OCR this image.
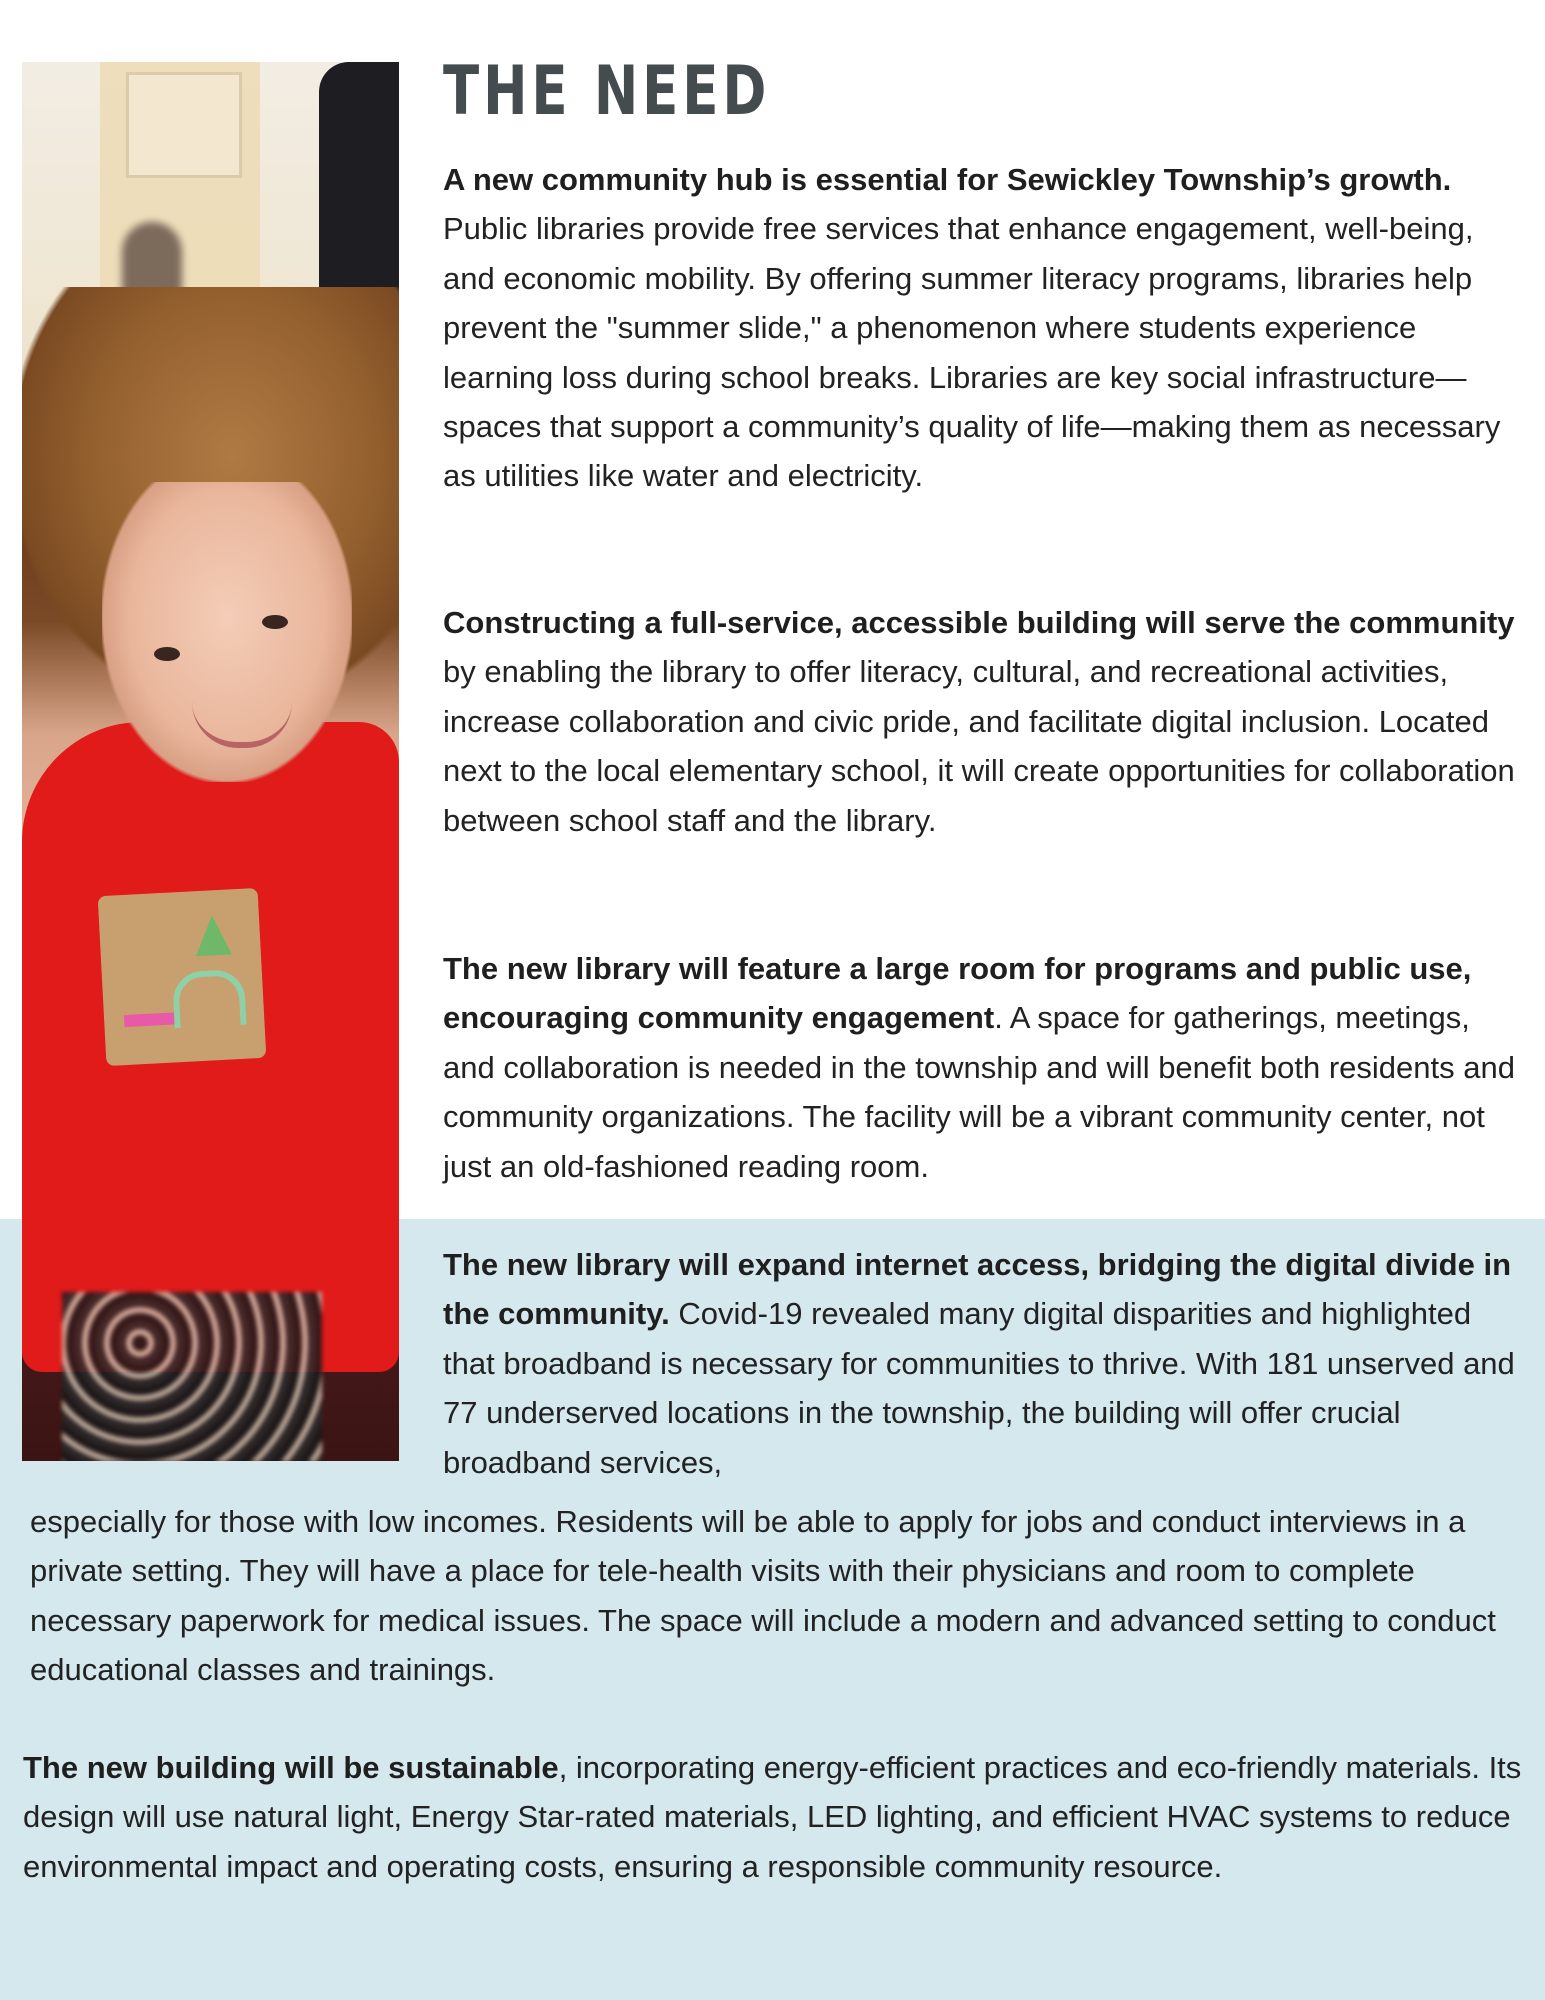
THE NEED

A new community hub is essential for Sewickley Township’s growth. Public libraries provide free services that enhance engagement, well-being, and economic mobility. By offering summer literacy programs, libraries help prevent the "summer slide," a phenomenon where students experience learning loss during school breaks. Libraries are key social infrastructure—spaces that support a community’s quality of life—making them as necessary as utilities like water and electricity.

Constructing a full-service, accessible building will serve the community by enabling the library to offer literacy, cultural, and recreational activities, increase collaboration and civic pride, and facilitate digital inclusion. Located next to the local elementary school, it will create opportunities for collaboration between school staff and the library.

The new library will feature a large room for programs and public use, encouraging community engagement. A space for gatherings, meetings, and collaboration is needed in the township and will benefit both residents and community organizations. The facility will be a vibrant community center, not just an old-fashioned reading room.

The new library will expand internet access, bridging the digital divide in the community. Covid-19 revealed many digital disparities and highlighted that broadband is necessary for communities to thrive. With 181 unserved and 77 underserved locations in the township, the building will offer crucial broadband services,

especially for those with low incomes. Residents will be able to apply for jobs and conduct interviews in a private setting. They will have a place for tele-health visits with their physicians and room to complete necessary paperwork for medical issues. The space will include a modern and advanced setting to conduct educational classes and trainings.

The new building will be sustainable, incorporating energy-efficient practices and eco-friendly materials. Its design will use natural light, Energy Star-rated materials, LED lighting, and efficient HVAC systems to reduce environmental impact and operating costs, ensuring a responsible community resource.
